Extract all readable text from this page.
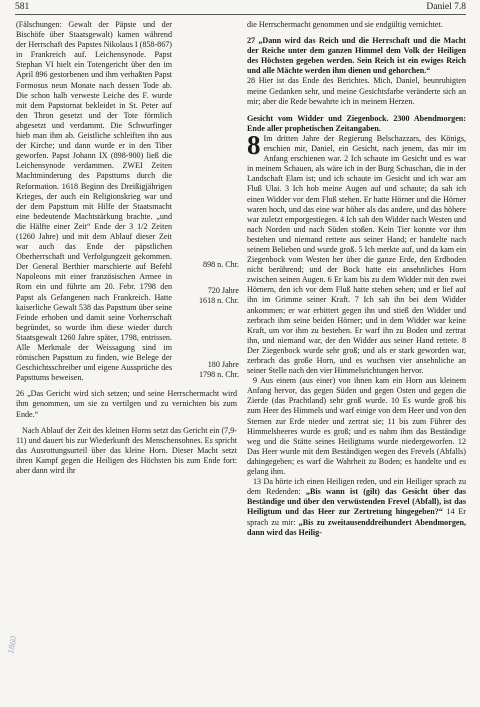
581	Daniel 7.8

(Fälschungen: Gewalt der Päpste und der Bischöfe über Staatsgewalt) kamen während der Herrschaft des Papstes Nikolaus I (858-867) in Frankreich auf. Leichensynode. Papst Stephan VI hielt ein Totengericht über den im April 896 gestorbenen und ihm verhaßten Papst Formosus neun Monate nach dessen Tode ab. Die schon halb verweste Leiche des F. wurde mit dem Papstornat bekleidet in St. Peter auf den Thron gesetzt und der Tote förmlich abgesetzt und verdammt. Die Schwurfinger hieb man ihm ab. Geistliche schleiften ihn aus der Kirche; und dann wurde er in den Tiber geworfen. Papst Johann IX (898-900) ließ die Leichensynode verdammen. ZWEI Zeiten Machtminderung des Papsttums durch die Reformation. 1618 Beginn des Dreißigjährigen Krieges, der auch ein Religionskrieg war und der dem Papsttum mit Hilfe der Staatsmacht eine bedeutende Machtstärkung brachte. „und die Hälfte einer Zeit“ Ende der 3 1/2 Zeiten (1260 Jahre) und mit dem Ablauf dieser Zeit war auch das Ende der päpstlichen Oberherrschaft und Verfolgungzeit gekommen. Der General Berthier marschierte auf Befehl Napoleons mit einer französischen Armee in Rom ein und führte am 20. Febr. 1798 den Papst als Gefangenen nach Frankreich. Hatte kaiserliche Gewalt 538 das Papsttum über seine Feinde erhoben und damit seine Vorherrschaft begründet, so wurde ihm diese wieder durch Staatsgewalt 1260 Jahre später, 1798, entrissen. Alle Merkmale der Weissagung sind im römischen Papsttum zu finden, wie Belege der Geschichtsschreiber und eigene Aussprüche des Papsttums beweisen.

898 n. Chr.
720 Jahre
1618 n. Chr.
180 Jahre
1798 n. Chr.

26 „Das Gericht wird sich setzen; und seine Herrschermacht wird ihm genommen, um sie zu vertilgen und zu vernichten bis zum Ende.“

Nach Ablauf der Zeit des kleinen Horns setzt das Gericht ein (7,9-11) und dauert bis zur Wiederkunft des Menschensohnes. Es spricht das Ausrottungsurteil über das kleine Horn. Dieser Macht setzt ihren Kampf gegen die Heiligen des Höchsten bis zum Ende fort: aber dann wird ihr

1860

die Herrschermacht genommen und sie endgültig vernichtet.

27 „Dann wird das Reich und die Herrschaft und die Macht der Reiche unter dem ganzen Himmel dem Volk der Heiligen des Höchsten gegeben werden. Sein Reich ist ein ewiges Reich und alle Mächte werden ihm dienen und gehorchen.“

28 Hier ist das Ende des Berichtes. Mich, Daniel, beunruhigten meine Gedanken sehr, und meine Gesichtsfarbe veränderte sich an mir; aber die Rede bewahrte ich in meinem Herzen.

Gesicht vom Widder und Ziegenbock. 2300 Abendmorgen: Ende aller prophetischen Zeitangaben.

8 Im dritten Jahre der Regierung Belschazzars, des Königs, erschien mir, Daniel, ein Gesicht, nach jenem, das mir im Anfang erschienen war. 2 Ich schaute im Gesicht und es war in meinem Schauen, als wäre ich in der Burg Schuschan, die in der Landschaft Elam ist; und ich schaute im Gesicht und ich war am Fluß Ulai. 3 Ich hob meine Augen auf und schaute; da sah ich einen Widder vor dem Fluß stehen. Er hatte Hörner und die Hörner waren hoch, und das eine war höher als das andere, und das höhere war zuletzt emporgestiegen. 4 Ich sah den Widder nach Westen und nach Norden und nach Süden stoßen. Kein Tier konnte vor ihm bestehen und niemand rettete aus seiner Hand; er handelte nach seinem Belieben und wurde groß. 5 Ich merkte auf, und da kam ein Ziegenbock vom Westen her über die ganze Erde, den Erdboden nicht berührend; und der Bock hatte ein ansehnliches Horn zwischen seinen Augen. 6 Er kam bis zu dem Widder mit den zwei Hörnern, den ich vor dem Fluß hatte stehen sehen; und er lief auf ihn im Grimme seiner Kraft. 7 Ich sah ihn bei dem Widder ankommen; er war erbittert gegen ihn und stieß den Widder und zerbrach ihm seine beiden Hörner; und in dem Widder war keine Kraft, um vor ihm zu bestehen. Er warf ihn zu Boden und zertrat ihn, und niemand war, der den Widder aus seiner Hand rettete. 8 Der Ziegenbock wurde sehr groß; und als er stark geworden war, zerbrach das große Horn, und es wuchsen vier ansehnliche an seiner Stelle nach den vier Himmelsrichtungen hervor.

9 Aus einem (aus einer) von ihnen kam ein Horn aus kleinem Anfang hervor, das gegen Süden und gegen Osten und gegen die Zierde (das Prachtland) sehr groß wurde. 10 Es wurde groß bis zum Heer des Himmels und warf einige von dem Heer und von den Sternen zur Erde nieder und zertrat sie; 11 bis zum Führer des Himmelsheeres wurde es groß; und es nahm ihm das Beständige weg und die Stätte seines Heiligtums wurde niedergeworfen. 12 Das Heer wurde mit dem Beständigen wegen des Frevels (Abfalls) dahingegeben; es warf die Wahrheit zu Boden; es handelte und es gelang ihm.

13 Da hörte ich einen Heiligen reden, und ein Heiliger sprach zu dem Redenden: „Bis wann ist (gilt) das Gesicht über das Beständige und über den verwüstenden Frevel (Abfall), ist das Heiligtum und das Heer zur Zertretung hingegeben?“ 14 Er sprach zu mir: „Bis zu zweitausenddreihundert Abendmorgen, dann wird das Heilig-
